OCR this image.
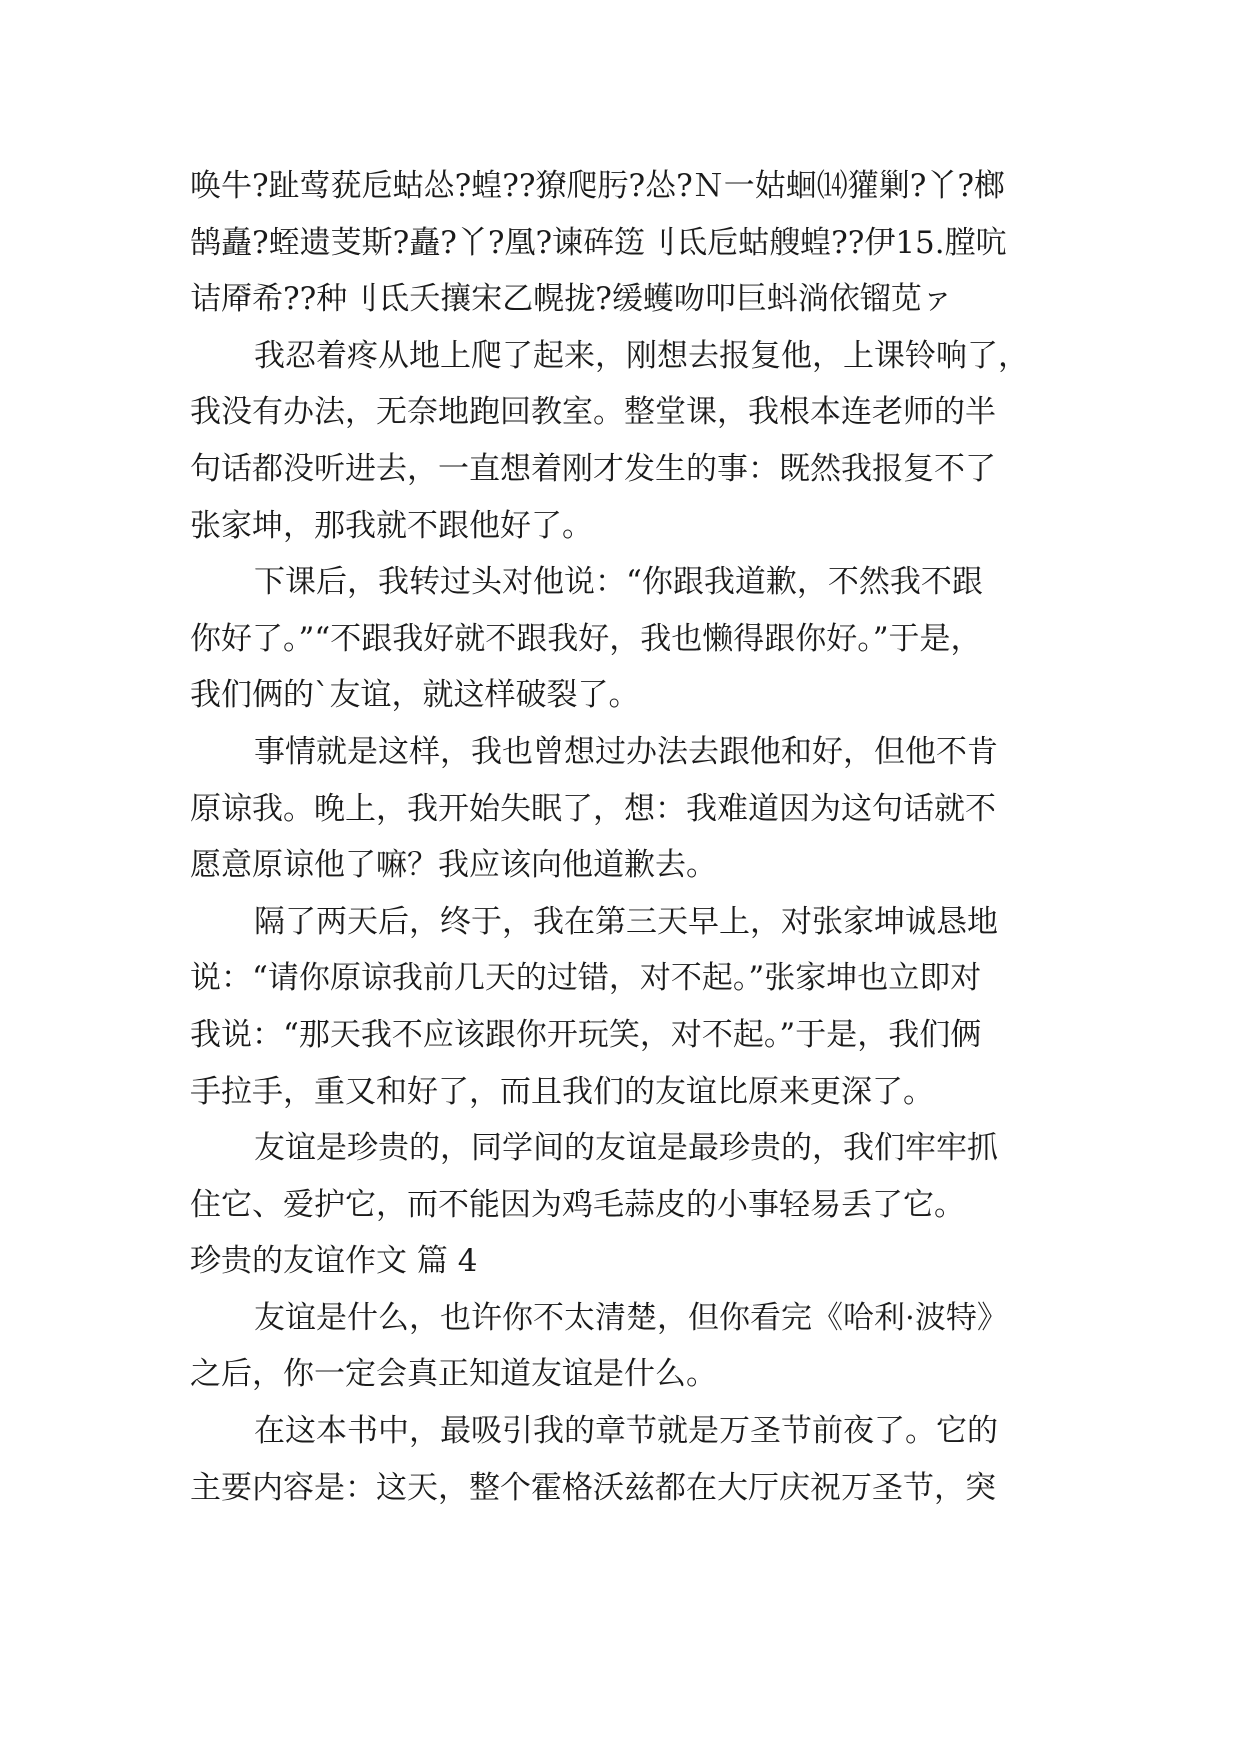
唤牛?趾莺莸卮蛄怂?蝗??獠爬肟?怂?Ｎ一姑蛔⒁獾剿?丫?榔
鹄矗?蛭遗芰斯?矗?丫?凰?谏砗笾刂氐卮蛄艘蝗??伊15.膛吭
诘厣希??种刂氐夭攘宋乙幌拢?缓蠖吻叩巨蚪淌依镏苋ァ
我忍着疼从地上爬了起来，刚想去报复他，上课铃响了，
我没有办法，无奈地跑回教室。整堂课，我根本连老师的半
句话都没听进去，一直想着刚才发生的事：既然我报复不了
张家坤，那我就不跟他好了。
下课后，我转过头对他说：“你跟我道歉，不然我不跟
你好了。”“不跟我好就不跟我好，我也懒得跟你好。”于是，
我们俩的`友谊，就这样破裂了。
事情就是这样，我也曾想过办法去跟他和好，但他不肯
原谅我。晚上，我开始失眠了，想：我难道因为这句话就不
愿意原谅他了嘛？我应该向他道歉去。
隔了两天后，终于，我在第三天早上，对张家坤诚恳地
说：“请你原谅我前几天的过错，对不起。”张家坤也立即对
我说：“那天我不应该跟你开玩笑，对不起。”于是，我们俩
手拉手，重又和好了，而且我们的友谊比原来更深了。
友谊是珍贵的，同学间的友谊是最珍贵的，我们牢牢抓
住它、爱护它，而不能因为鸡毛蒜皮的小事轻易丢了它。
珍贵的友谊作文 篇 4
友谊是什么，也许你不太清楚，但你看完《哈利·波特》
之后，你一定会真正知道友谊是什么。
在这本书中，最吸引我的章节就是万圣节前夜了。它的
主要内容是：这天，整个霍格沃兹都在大厅庆祝万圣节，突
